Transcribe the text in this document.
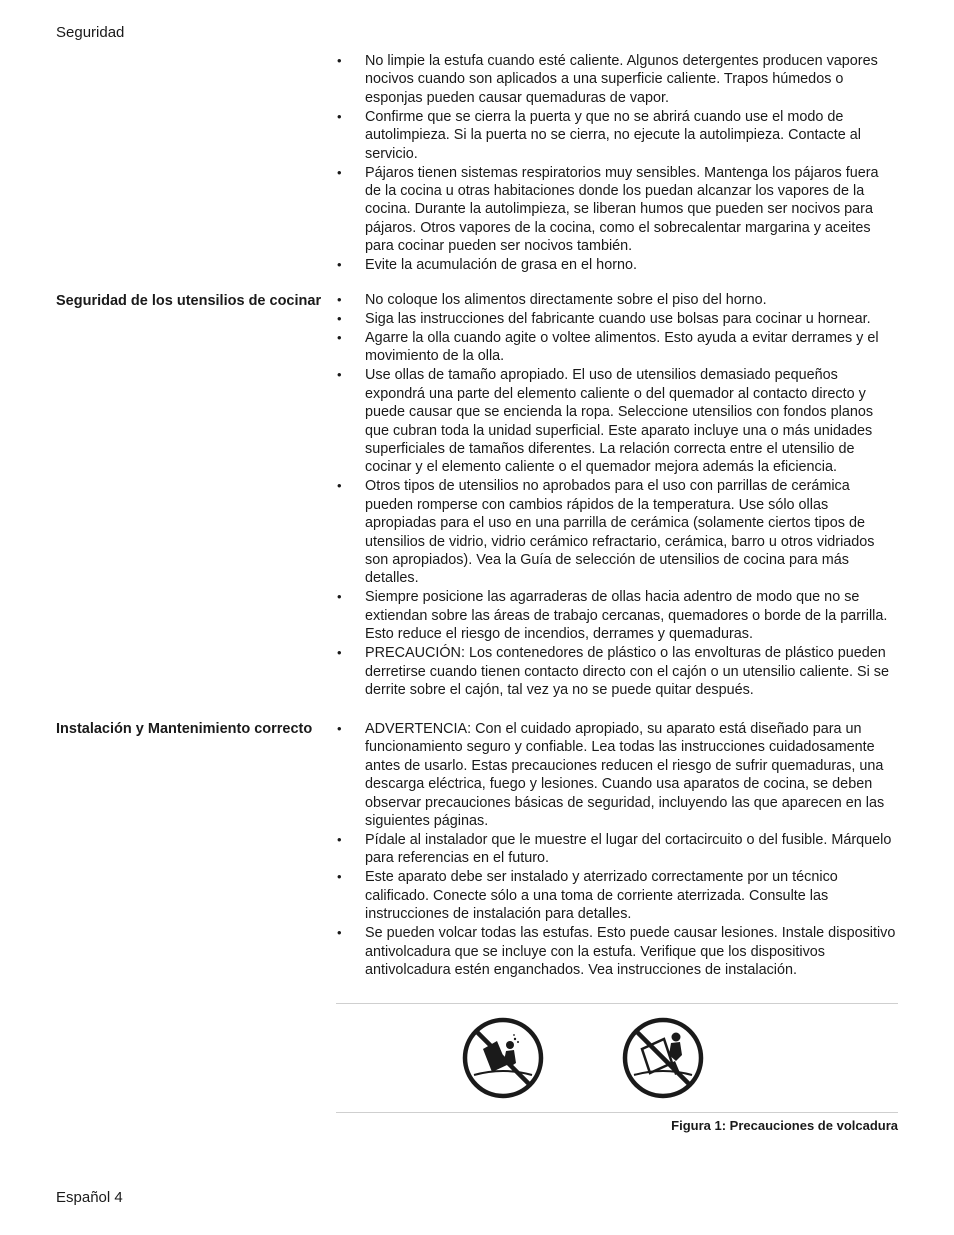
Seguridad
• No limpie la estufa cuando esté caliente. Algunos detergentes producen vapores nocivos cuando son aplicados a una superficie caliente. Trapos húmedos o esponjas pueden causar quemaduras de vapor.
• Confirme que se cierra la puerta y que no se abrirá cuando use el modo de autolimpieza. Si la puerta no se cierra, no ejecute la autolimpieza. Contacte al servicio.
• Pájaros tienen sistemas respiratorios muy sensibles. Mantenga los pájaros fuera de la cocina u otras habitaciones donde los puedan alcanzar los vapores de la cocina. Durante la autolimpieza, se liberan humos que pueden ser nocivos para pájaros. Otros vapores de la cocina, como el sobrecalentar margarina y aceites para cocinar pueden ser nocivos también.
• Evite la acumulación de grasa en el horno.
Seguridad de los utensilios de cocinar	• No coloque los alimentos directamente sobre el piso del horno.
• Siga las instrucciones del fabricante cuando use bolsas para cocinar u hornear.
• Agarre la olla cuando agite o voltee alimentos. Esto ayuda a evitar derrames y el movimiento de la olla.
• Use ollas de tamaño apropiado. El uso de utensilios demasiado pequeños expondrá una parte del elemento caliente o del quemador al contacto directo y puede causar que se encienda la ropa. Seleccione utensilios con fondos planos que cubran toda la unidad superficial. Este aparato incluye una o más unidades superficiales de tamaños diferentes. La relación correcta entre el utensilio de cocinar y el elemento caliente o el quemador mejora además la eficiencia.
• Otros tipos de utensilios no aprobados para el uso con parrillas de cerámica pueden romperse con cambios rápidos de la temperatura. Use sólo ollas apropiadas para el uso en una parrilla de cerámica (solamente ciertos tipos de utensilios de vidrio, vidrio cerámico refractario, cerámica, barro u otros vidriados son apropiados). Vea la Guía de selección de utensilios de cocina para más detalles.
• Siempre posicione las agarraderas de ollas hacia adentro de modo que no se extiendan sobre las áreas de trabajo cercanas, quemadores o borde de la parrilla. Esto reduce el riesgo de incendios, derrames y quemaduras.
• PRECAUCIÓN: Los contenedores de plástico o las envolturas de plástico pueden derretirse cuando tienen contacto directo con el cajón o un utensilio caliente. Si se derrite sobre el cajón, tal vez ya no se puede quitar después.
Instalación y Mantenimiento correcto	• ADVERTENCIA: Con el cuidado apropiado, su aparato está diseñado para un funcionamiento seguro y confiable. Lea todas las instrucciones cuidadosamente antes de usarlo. Estas precauciones reducen el riesgo de sufrir quemaduras, una descarga eléctrica, fuego y lesiones. Cuando usa aparatos de cocina, se deben observar precauciones básicas de seguridad, incluyendo las que aparecen en las siguientes páginas.
• Pídale al instalador que le muestre el lugar del cortacircuito o del fusible. Márquelo para referencias en el futuro.
• Este aparato debe ser instalado y aterrizado correctamente por un técnico calificado. Conecte sólo a una toma de corriente aterrizada. Consulte las instrucciones de instalación para detalles.
• Se pueden volcar todas las estufas. Esto puede causar lesiones. Instale dispositivo antivolcadura que se incluye con la estufa. Verifique que los dispositivos antivolcadura estén enganchados. Vea instrucciones de instalación.
Figura 1: Precauciones de volcadura
Español 4
